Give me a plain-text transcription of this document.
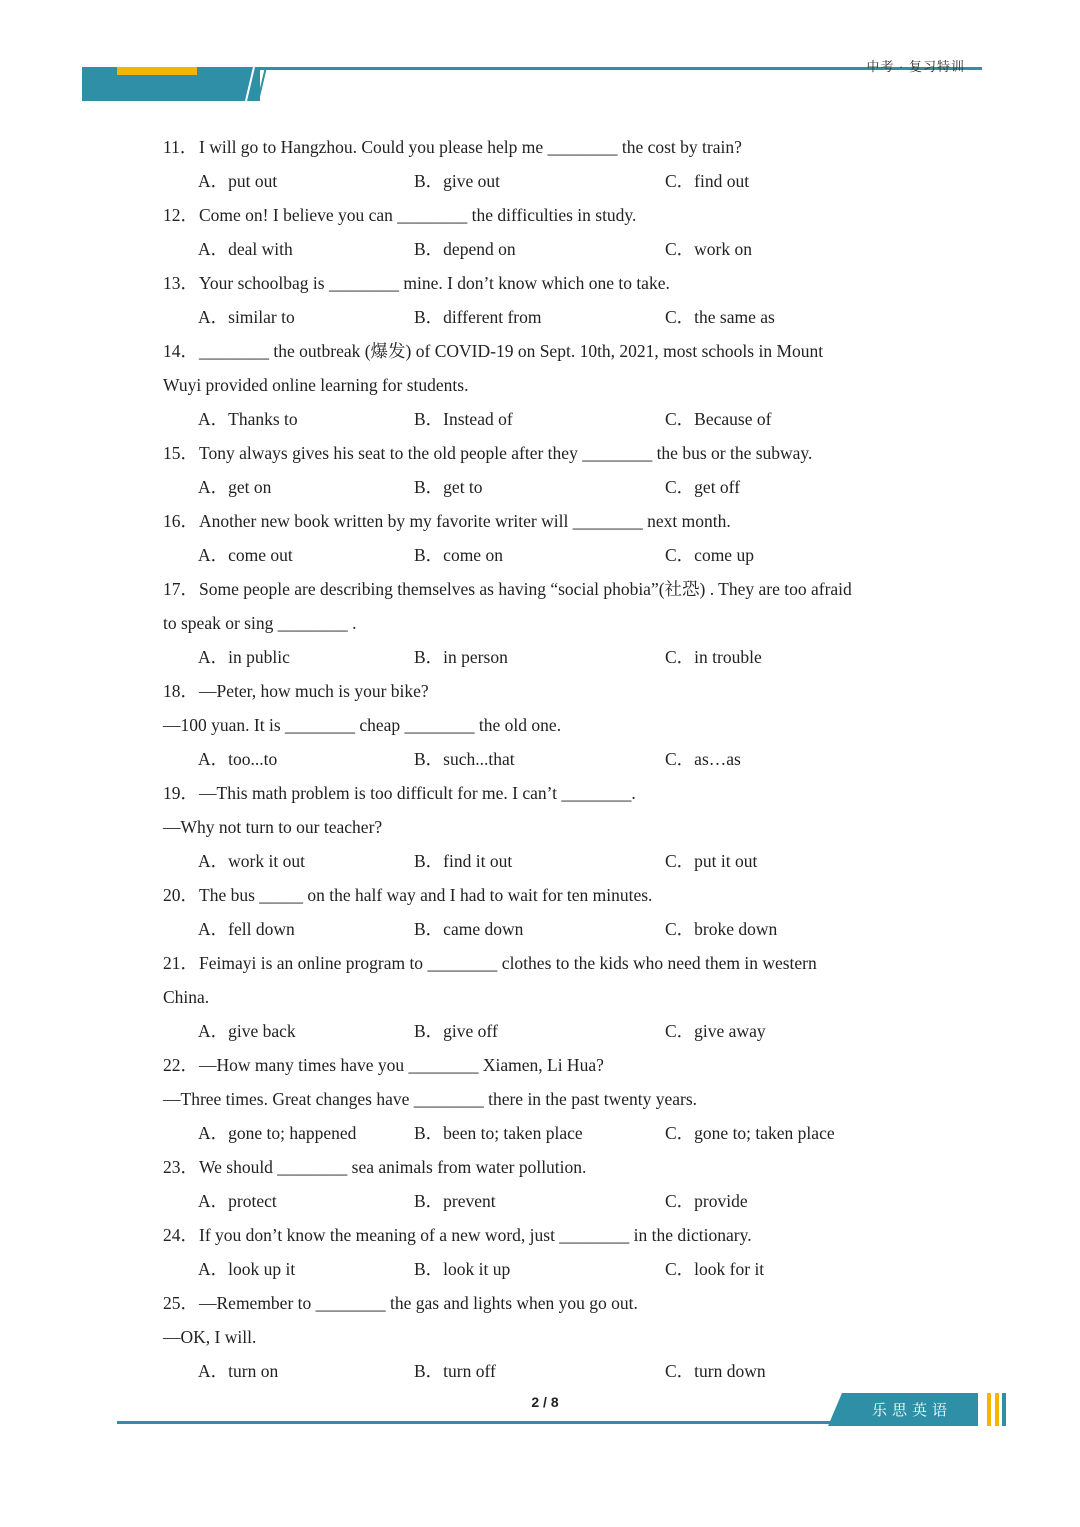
中考 · 复习特训
11．I will go to Hangzhou. Could you please help me ________ the cost by train?
A．put out	B．give out	C．find out
12．Come on! I believe you can ________ the difficulties in study.
A．deal with	B．depend on	C．work on
13．Your schoolbag is ________ mine. I don’t know which one to take.
A．similar to	B．different from	C．the same as
14．________ the outbreak (爆发) of COVID-19 on Sept. 10th, 2021, most schools in Mount
Wuyi provided online learning for students.
A．Thanks to	B．Instead of	C．Because of
15．Tony always gives his seat to the old people after they ________ the bus or the subway.
A．get on	B．get to	C．get off
16．Another new book written by my favorite writer will ________ next month.
A．come out	B．come on	C．come up
17．Some people are describing themselves as having “social phobia”(社恐) . They are too afraid
to speak or sing ________ .
A．in public	B．in person	C．in trouble
18．—Peter, how much is your bike?
—100 yuan. It is ________ cheap ________ the old one.
A．too...to	B．such...that	C．as…as
19．—This math problem is too difficult for me. I can’t ________.
—Why not turn to our teacher?
A．work it out	B．find it out	C．put it out
20．The bus _____ on the half way and I had to wait for ten minutes.
A．fell down	B．came down	C．broke down
21．Feimayi is an online program to ________ clothes to the kids who need them in western
China.
A．give back	B．give off	C．give away
22．—How many times have you ________ Xiamen, Li Hua?
—Three times. Great changes have ________ there in the past twenty years.
A．gone to; happened	B．been to; taken place	C．gone to; taken place
23．We should ________ sea animals from water pollution.
A．protect	B．prevent	C．provide
24．If you don’t know the meaning of a new word, just ________ in the dictionary.
A．look up it	B．look it up	C．look for it
25．—Remember to ________ the gas and lights when you go out.
—OK, I will.
A．turn on	B．turn off	C．turn down
2 / 8	乐思英语
